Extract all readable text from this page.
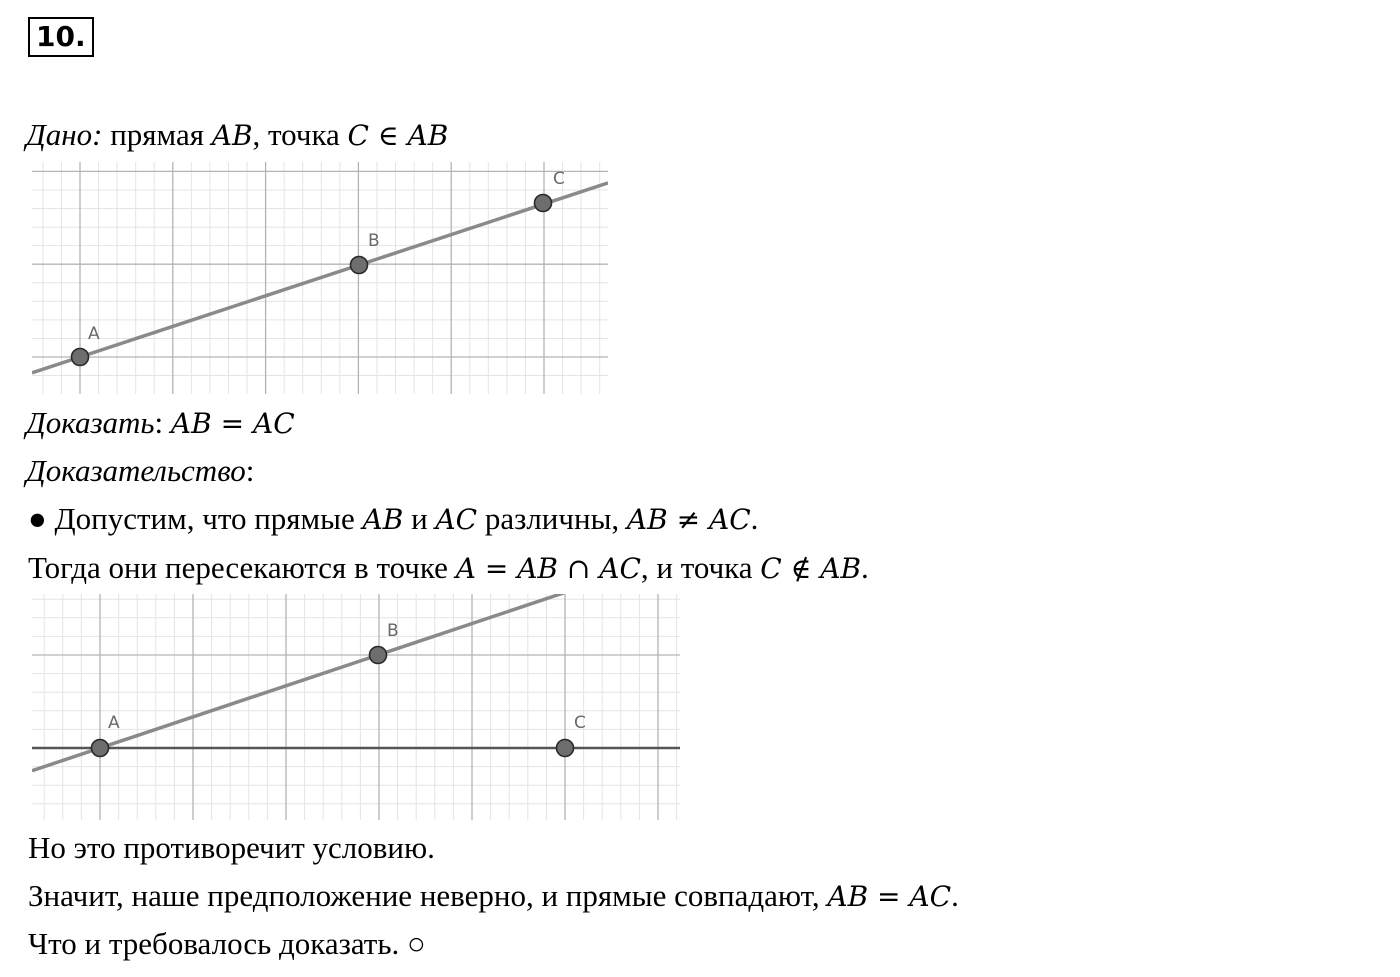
10.
Дано: прямая AB, точка C ∈ AB
A
B
C
Доказать: AB = AC
Доказательство:
● Допустим, что прямые AB и AC различны, AB ≠ AC.
Тогда они пересекаются в точке A = AB ∩ AC, и точка C ∉ AB.
A
B
C
Но это противоречит условию.
Значит, наше предположение неверно, и прямые совпадают, AB = AC.
Что и требовалось доказать. ○
